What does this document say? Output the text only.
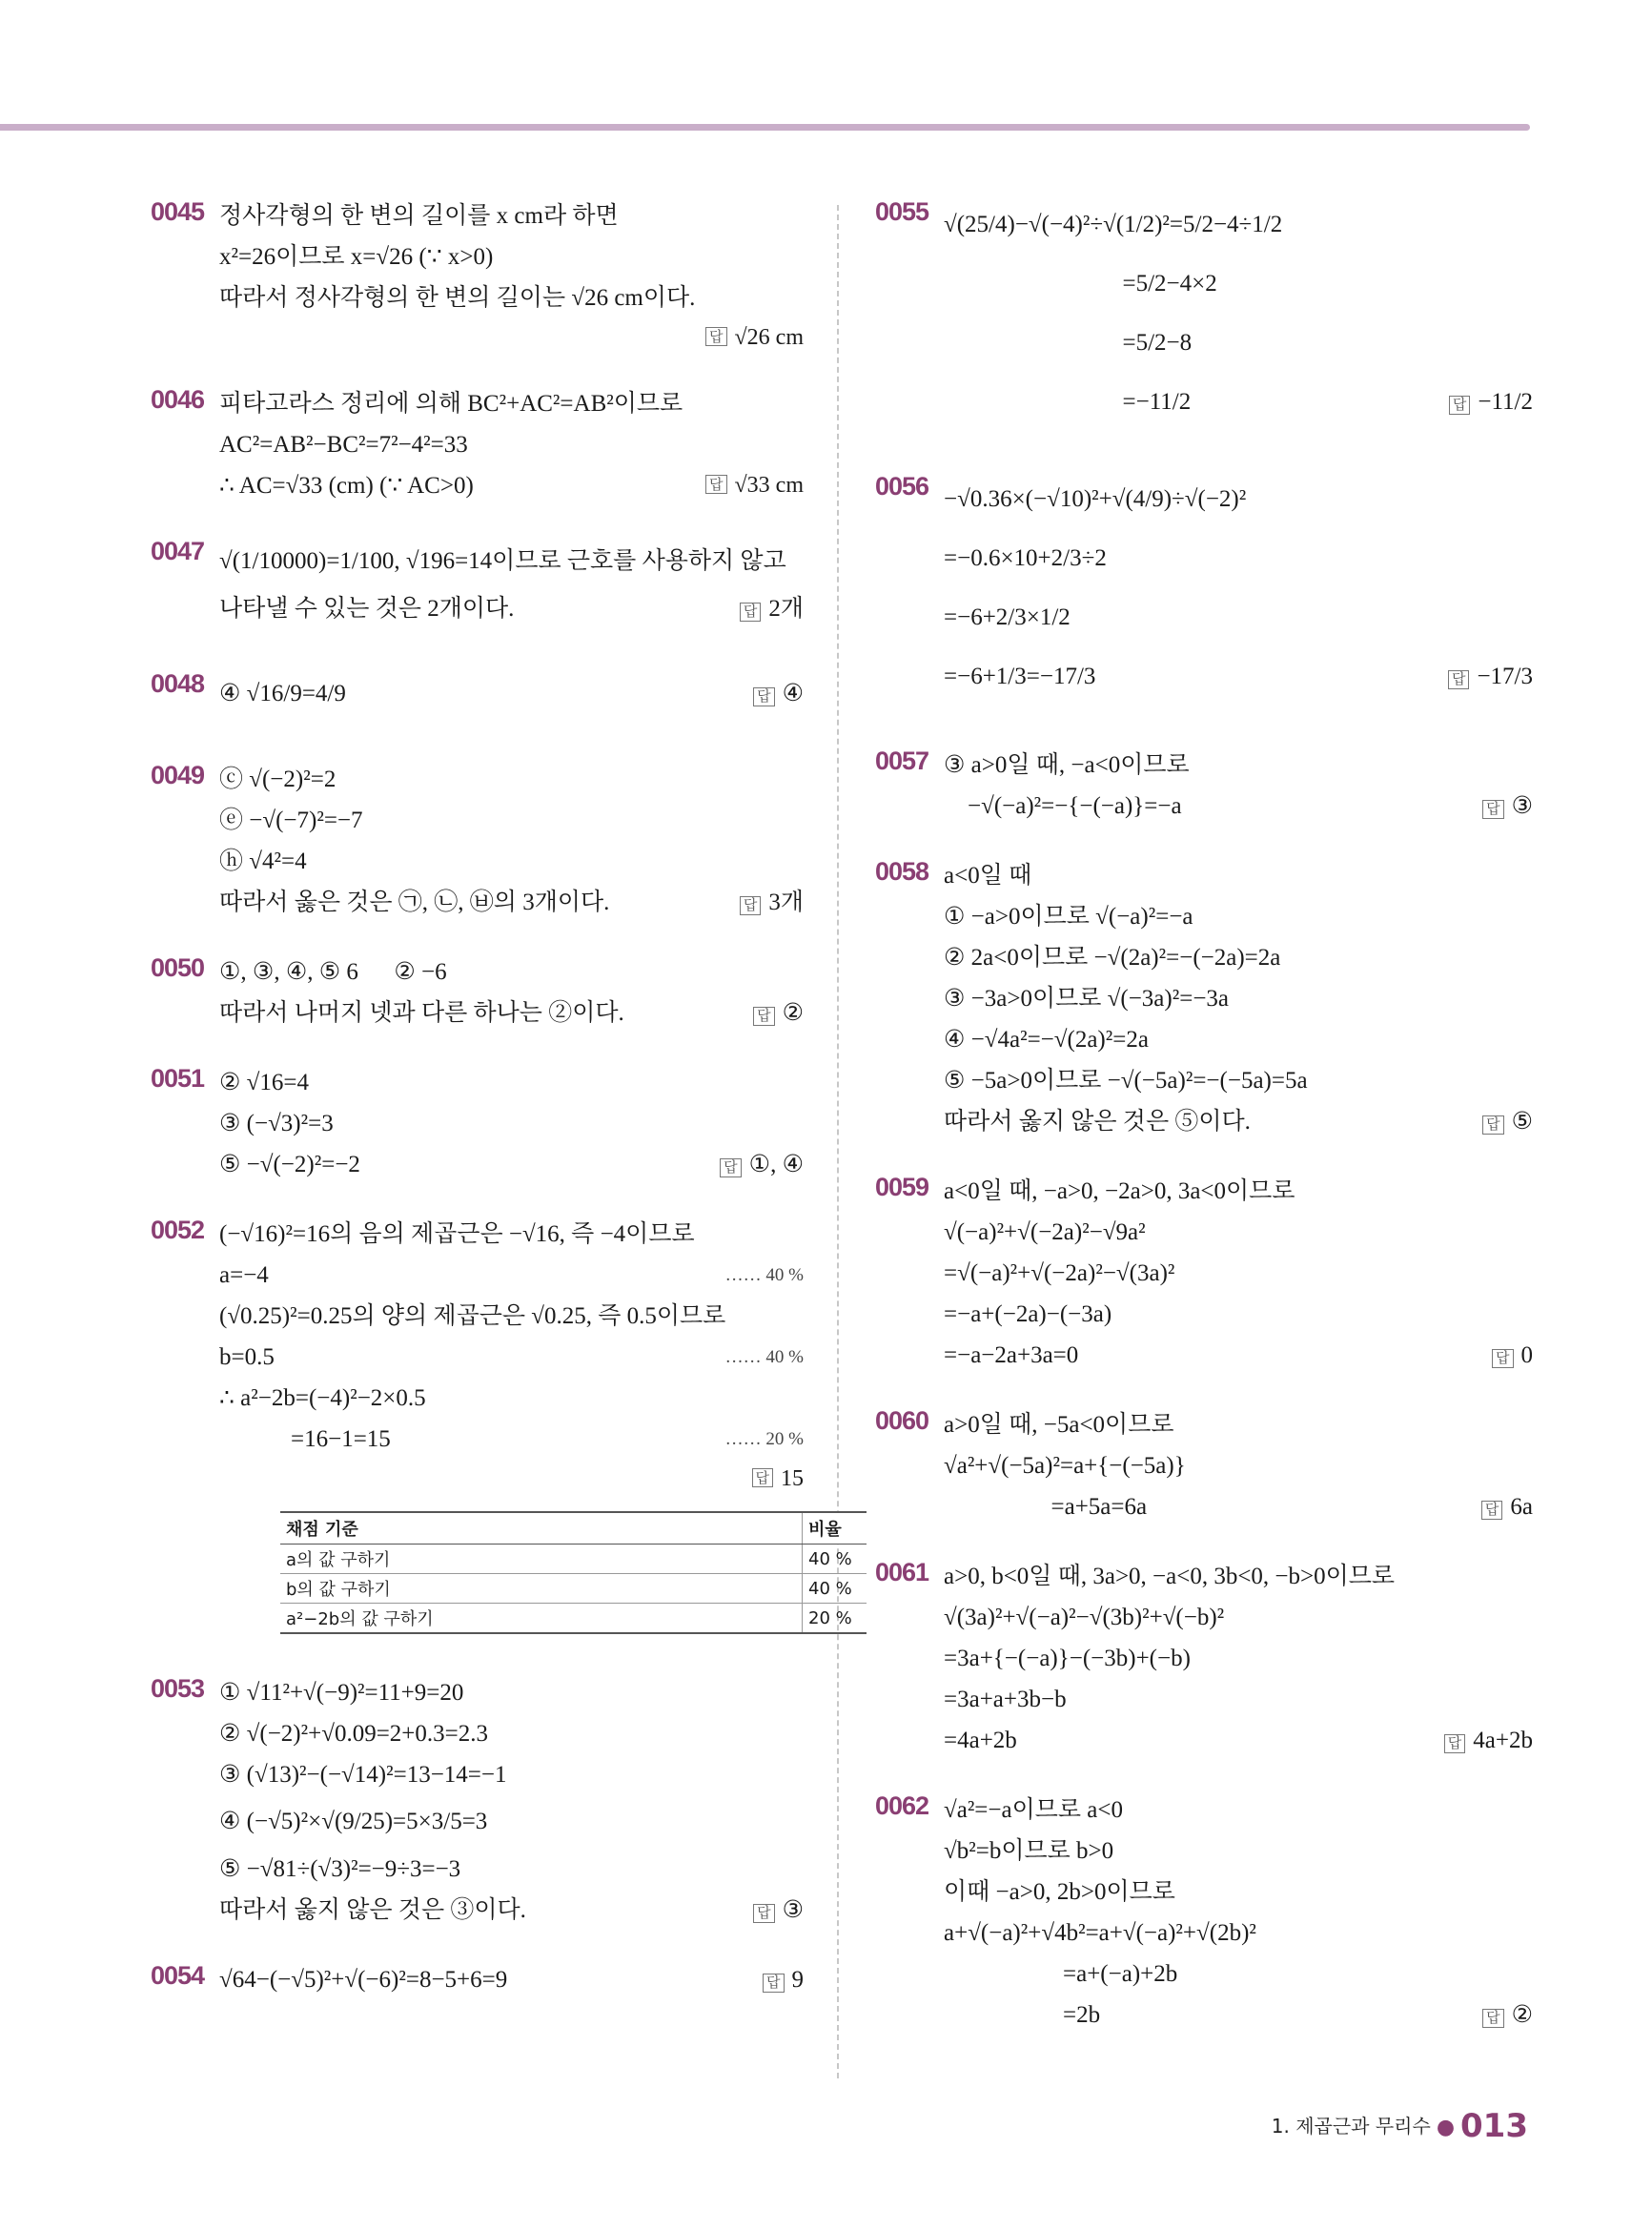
0045 정사각형의 한 변의 길이를 x cm라 하면
x²=26이므로 x=√26 (∵ x>0)
따라서 정사각형의 한 변의 길이는 √26 cm이다.
답 √26 cm
0046 피타고라스 정리에 의해 BC²+AC²=AB²이므로
AC²=AB²−BC²=7²−4²=33
∴ AC=√33 (cm) (∵ AC>0)	답 √33 cm
0047 √(1/10000)=1/100, √196=14이므로 근호를 사용하지 않고
나타낼 수 있는 것은 2개이다.	답 2개
0048 ④ √16/9=4/9	답 ④
0049 ⓒ √(−2)²=2
ⓔ −√(−7)²=−7
ⓗ √4²=4
따라서 옳은 것은 ㉠, ㉡, ㉥의 3개이다.	답 3개
0050 ①, ③, ④, ⑤ 6      ② −6
따라서 나머지 넷과 다른 하나는 ②이다.	답 ②
0051 ② √16=4
③ (−√3)²=3
⑤ −√(−2)²=−2	답 ①, ④
0052 (−√16)²=16의 음의 제곱근은 −√16, 즉 −4이므로
a=−4	…… 40 %
(√0.25)²=0.25의 양의 제곱근은 √0.25, 즉 0.5이므로
b=0.5	…… 40 %
∴ a²−2b=(−4)²−2×0.5
=16−1=15	…… 20 %
답 15
채점 기준	비율
a의 값 구하기	40 %
b의 값 구하기	40 %
a²−2b의 값 구하기	20 %
0053 ① √11²+√(−9)²=11+9=20
② √(−2)²+√0.09=2+0.3=2.3
③ (√13)²−(−√14)²=13−14=−1
④ (−√5)²×√(9/25)=5×3/5=3
⑤ −√81÷(√3)²=−9÷3=−3
따라서 옳지 않은 것은 ③이다.	답 ③
0054 √64−(−√5)²+√(−6)²=8−5+6=9	답 9
0055 √(25/4)−√(−4)²÷√(1/2)²=5/2−4÷1/2
=5/2−4×2
=5/2−8
=−11/2	답 −11/2
0056 −√0.36×(−√10)²+√(4/9)÷√(−2)²
=−0.6×10+2/3÷2
=−6+2/3×1/2
=−6+1/3=−17/3	답 −17/3
0057 ③ a>0일 때, −a<0이므로
−√(−a)²=−{−(−a)}=−a	답 ③
0058 a<0일 때
① −a>0이므로 √(−a)²=−a
② 2a<0이므로 −√(2a)²=−(−2a)=2a
③ −3a>0이므로 √(−3a)²=−3a
④ −√4a²=−√(2a)²=2a
⑤ −5a>0이므로 −√(−5a)²=−(−5a)=5a
따라서 옳지 않은 것은 ⑤이다.	답 ⑤
0059 a<0일 때, −a>0, −2a>0, 3a<0이므로
√(−a)²+√(−2a)²−√9a²
=√(−a)²+√(−2a)²−√(3a)²
=−a+(−2a)−(−3a)
=−a−2a+3a=0	답 0
0060 a>0일 때, −5a<0이므로
√a²+√(−5a)²=a+{−(−5a)}
=a+5a=6a	답 6a
0061 a>0, b<0일 때, 3a>0, −a<0, 3b<0, −b>0이므로
√(3a)²+√(−a)²−√(3b)²+√(−b)²
=3a+{−(−a)}−(−3b)+(−b)
=3a+a+3b−b
=4a+2b	답 4a+2b
0062 √a²=−a이므로 a<0
√b²=b이므로 b>0
이때 −a>0, 2b>0이므로
a+√(−a)²+√4b²=a+√(−a)²+√(2b)²
=a+(−a)+2b
=2b	답 ②
1. 제곱근과 무리수 ● 013
